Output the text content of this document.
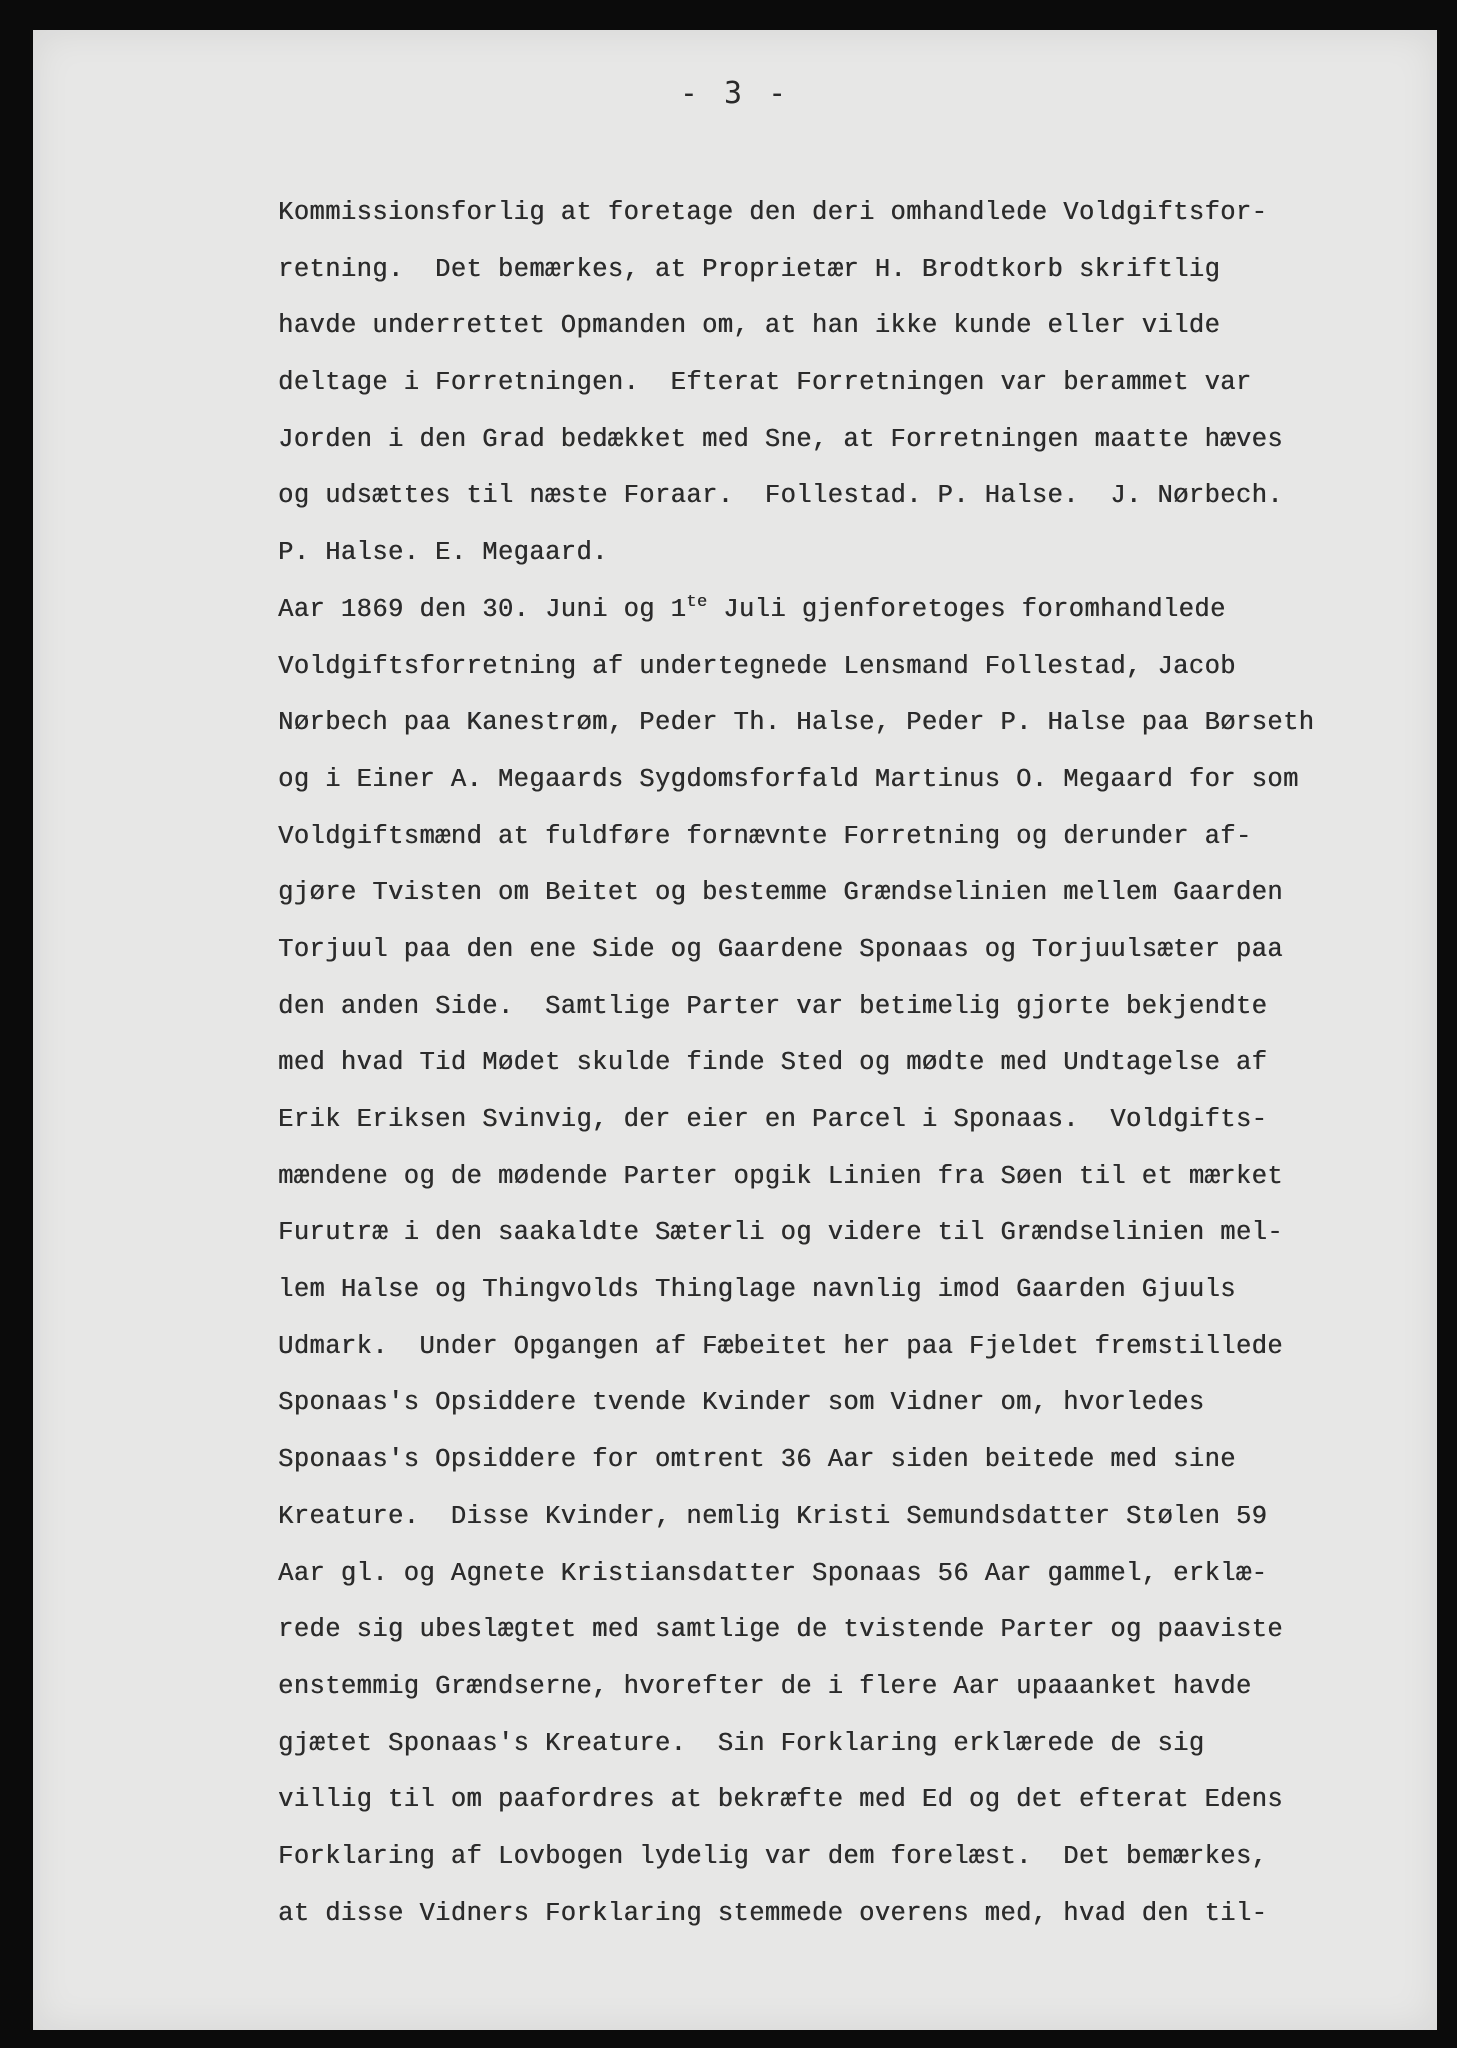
- 3 -
Kommissionsforlig at foretage den deri omhandlede Voldgiftsfor-
retning.  Det bemærkes, at Proprietær H. Brodtkorb skriftlig
havde underrettet Opmanden om, at han ikke kunde eller vilde
deltage i Forretningen.  Efterat Forretningen var berammet var
Jorden i den Grad bedækket med Sne, at Forretningen maatte hæves
og udsættes til næste Foraar.  Follestad. P. Halse.  J. Nørbech.
P. Halse. E. Megaard.
Aar 1869 den 30. Juni og $1^{te}$ Juli gjenforetoges foromhandlede
Voldgiftsforretning af undertegnede Lensmand Follestad, Jacob
Nørbech paa Kanestrøm, Peder Th. Halse, Peder P. Halse paa Børseth
og i Einer A. Megaards Sygdomsforfald Martinus O. Megaard for som
Voldgiftsmænd at fuldføre fornævnte Forretning og derunder af-
gjøre Tvisten om Beitet og bestemme Grændselinien mellem Gaarden
Torjuul paa den ene Side og Gaardene Sponaas og Torjuulsæter paa
den anden Side.  Samtlige Parter var betimelig gjorte bekjendte
med hvad Tid Mødet skulde finde Sted og mødte med Undtagelse af
Erik Eriksen Svinvig, der eier en Parcel i Sponaas.  Voldgifts-
mændene og de mødende Parter opgik Linien fra Søen til et mærket
Furutræ i den saakaldte Sæterli og videre til Grændselinien mel-
lem Halse og Thingvolds Thinglage navnlig imod Gaarden Gjuuls
Udmark.  Under Opgangen af Fæbeitet her paa Fjeldet fremstillede
Sponaas's Opsiddere tvende Kvinder som Vidner om, hvorledes
Sponaas's Opsiddere for omtrent 36 Aar siden beitede med sine
Kreature.  Disse Kvinder, nemlig Kristi Semundsdatter Stølen 59
Aar gl. og Agnete Kristiansdatter Sponaas 56 Aar gammel, erklæ-
rede sig ubeslægtet med samtlige de tvistende Parter og paaviste
enstemmig Grændserne, hvorefter de i flere Aar upaaanket havde
gjætet Sponaas's Kreature.  Sin Forklaring erklærede de sig
villig til om paafordres at bekræfte med Ed og det efterat Edens
Forklaring af Lovbogen lydelig var dem forelæst.  Det bemærkes,
at disse Vidners Forklaring stemmede overens med, hvad den til-
